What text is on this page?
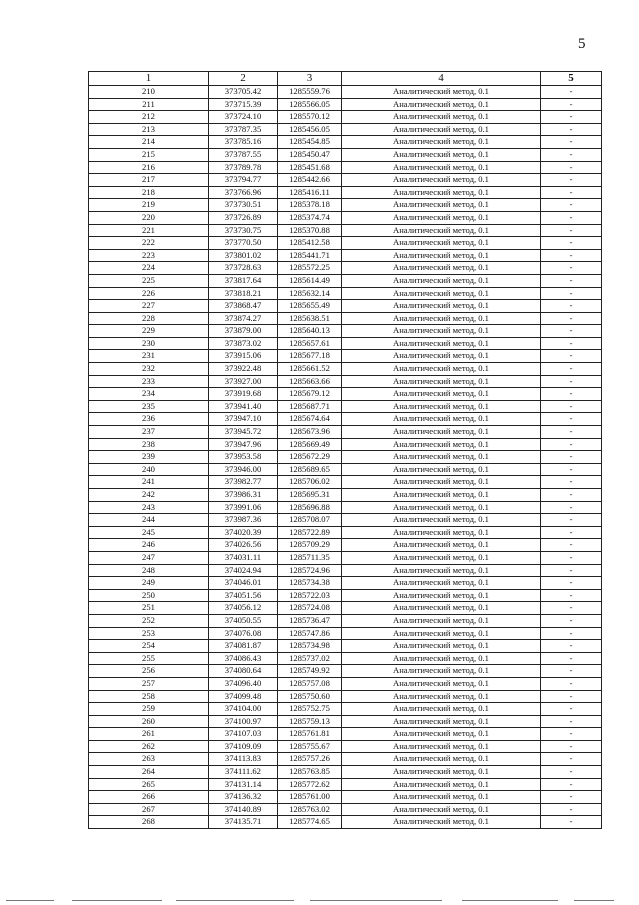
5
1	2	3	4	5
210	373705.42	1285559.76	Аналитический метод, 0.1	-
211	373715.39	1285566.05	Аналитический метод, 0.1	-
212	373724.10	1285570.12	Аналитический метод, 0.1	-
213	373787.35	1285456.05	Аналитический метод, 0.1	-
214	373785.16	1285454.85	Аналитический метод, 0.1	-
215	373787.55	1285450.47	Аналитический метод, 0.1	-
216	373789.78	1285451.68	Аналитический метод, 0.1	-
217	373794.77	1285442.66	Аналитический метод, 0.1	-
218	373766.96	1285416.11	Аналитический метод, 0.1	-
219	373730.51	1285378.18	Аналитический метод, 0.1	-
220	373726.89	1285374.74	Аналитический метод, 0.1	-
221	373730.75	1285370.88	Аналитический метод, 0.1	-
222	373770.50	1285412.58	Аналитический метод, 0.1	-
223	373801.02	1285441.71	Аналитический метод, 0.1	-
224	373728.63	1285572.25	Аналитический метод, 0.1	-
225	373817.64	1285614.49	Аналитический метод, 0.1	-
226	373818.21	1285632.14	Аналитический метод, 0.1	-
227	373868.47	1285655.49	Аналитический метод, 0.1	-
228	373874.27	1285638.51	Аналитический метод, 0.1	-
229	373879.00	1285640.13	Аналитический метод, 0.1	-
230	373873.02	1285657.61	Аналитический метод, 0.1	-
231	373915.06	1285677.18	Аналитический метод, 0.1	-
232	373922.48	1285661.52	Аналитический метод, 0.1	-
233	373927.00	1285663.66	Аналитический метод, 0.1	-
234	373919.68	1285679.12	Аналитический метод, 0.1	-
235	373941.40	1285687.71	Аналитический метод, 0.1	-
236	373947.10	1285674.64	Аналитический метод, 0.1	-
237	373945.72	1285673.96	Аналитический метод, 0.1	-
238	373947.96	1285669.49	Аналитический метод, 0.1	-
239	373953.58	1285672.29	Аналитический метод, 0.1	-
240	373946.00	1285689.65	Аналитический метод, 0.1	-
241	373982.77	1285706.02	Аналитический метод, 0.1	-
242	373986.31	1285695.31	Аналитический метод, 0.1	-
243	373991.06	1285696.88	Аналитический метод, 0.1	-
244	373987.36	1285708.07	Аналитический метод, 0.1	-
245	374020.39	1285722.89	Аналитический метод, 0.1	-
246	374026.56	1285709.29	Аналитический метод, 0.1	-
247	374031.11	1285711.35	Аналитический метод, 0.1	-
248	374024.94	1285724.96	Аналитический метод, 0.1	-
249	374046.01	1285734.38	Аналитический метод, 0.1	-
250	374051.56	1285722.03	Аналитический метод, 0.1	-
251	374056.12	1285724.08	Аналитический метод, 0.1	-
252	374050.55	1285736.47	Аналитический метод, 0.1	-
253	374076.08	1285747.86	Аналитический метод, 0.1	-
254	374081.87	1285734.98	Аналитический метод, 0.1	-
255	374086.43	1285737.02	Аналитический метод, 0.1	-
256	374080.64	1285749.92	Аналитический метод, 0.1	-
257	374096.40	1285757.08	Аналитический метод, 0.1	-
258	374099.48	1285750.60	Аналитический метод, 0.1	-
259	374104.00	1285752.75	Аналитический метод, 0.1	-
260	374100.97	1285759.13	Аналитический метод, 0.1	-
261	374107.03	1285761.81	Аналитический метод, 0.1	-
262	374109.09	1285755.67	Аналитический метод, 0.1	-
263	374113.83	1285757.26	Аналитический метод, 0.1	-
264	374111.62	1285763.85	Аналитический метод, 0.1	-
265	374131.14	1285772.62	Аналитический метод, 0.1	-
266	374136.32	1285761.00	Аналитический метод, 0.1	-
267	374140.89	1285763.02	Аналитический метод, 0.1	-
268	374135.71	1285774.65	Аналитический метод, 0.1	-
